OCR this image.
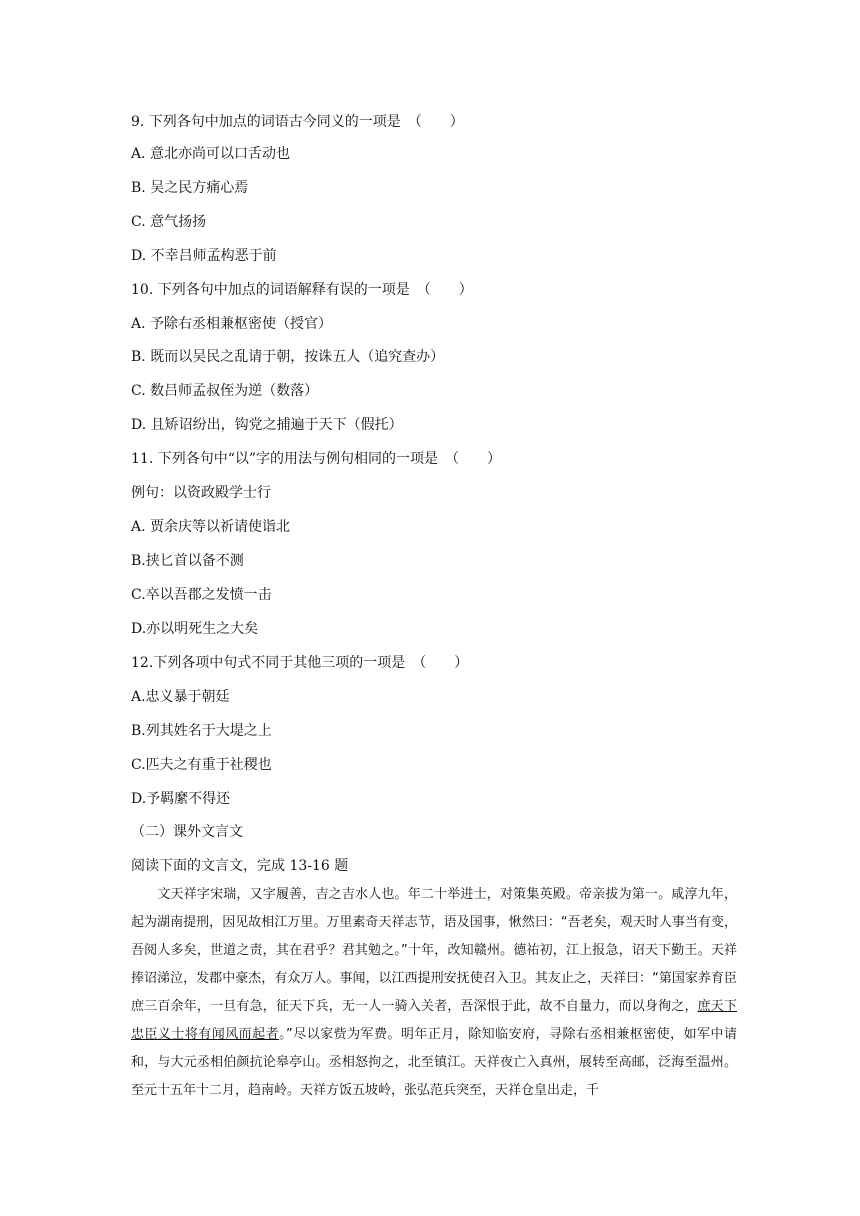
9. 下列各句中加点的词语古今同义的一项是　（　　）
A. 意北亦尚可以口舌动也
B. 吴之民方痛心焉
C. 意气扬扬
D. 不幸吕师孟构恶于前
10. 下列各句中加点的词语解释有误的一项是　（　　）
A. 予除右丞相兼枢密使（授官）
B. 既而以吴民之乱请于朝，按诛五人（追究查办）
C. 数吕师孟叔侄为逆（数落）
D. 且矫诏纷出，钩党之捕遍于天下（假托）
11. 下列各句中“以”字的用法与例句相同的一项是　（　　）
例句：以资政殿学士行
A. 贾余庆等以祈请使诣北
B.挟匕首以备不测
C.卒以吾郡之发愤一击
D.亦以明死生之大矣
12.下列各项中句式不同于其他三项的一项是　（　　）
A.忠义暴于朝廷
B.列其姓名于大堤之上
C.匹夫之有重于社稷也
D.予羁縻不得还
（二）课外文言文
阅读下面的文言文，完成 13-16 题
　　文天祥字宋瑞，又字履善，吉之吉水人也。年二十举进士，对策集英殿。帝亲拔为第一。咸淳九年，起为湖南提刑，因见故相江万里。万里素奇天祥志节，语及国事，愀然曰：“吾老矣，观天时人事当有变，吾阅人多矣，世道之责，其在君乎？君其勉之。”十年，改知赣州。德祐初，江上报急，诏天下勤王。天祥捧诏涕泣，发郡中豪杰，有众万人。事闻，以江西提刑安抚使召入卫。其友止之，天祥曰：“第国家养育臣庶三百余年，一旦有急，征天下兵，无一人一骑入关者，吾深恨于此，故不自量力，而以身徇之，庶天下忠臣义士将有闻风而起者。”尽以家赀为军费。明年正月，除知临安府，寻除右丞相兼枢密使，如军中请和，与大元丞相伯颜抗论皋亭山。丞相怒拘之，北至镇江。天祥夜亡入真州，展转至高邮，泛海至温州。至元十五年十二月，趋南岭。天祥方饭五坡岭，张弘范兵突至，天祥仓皇出走，千
